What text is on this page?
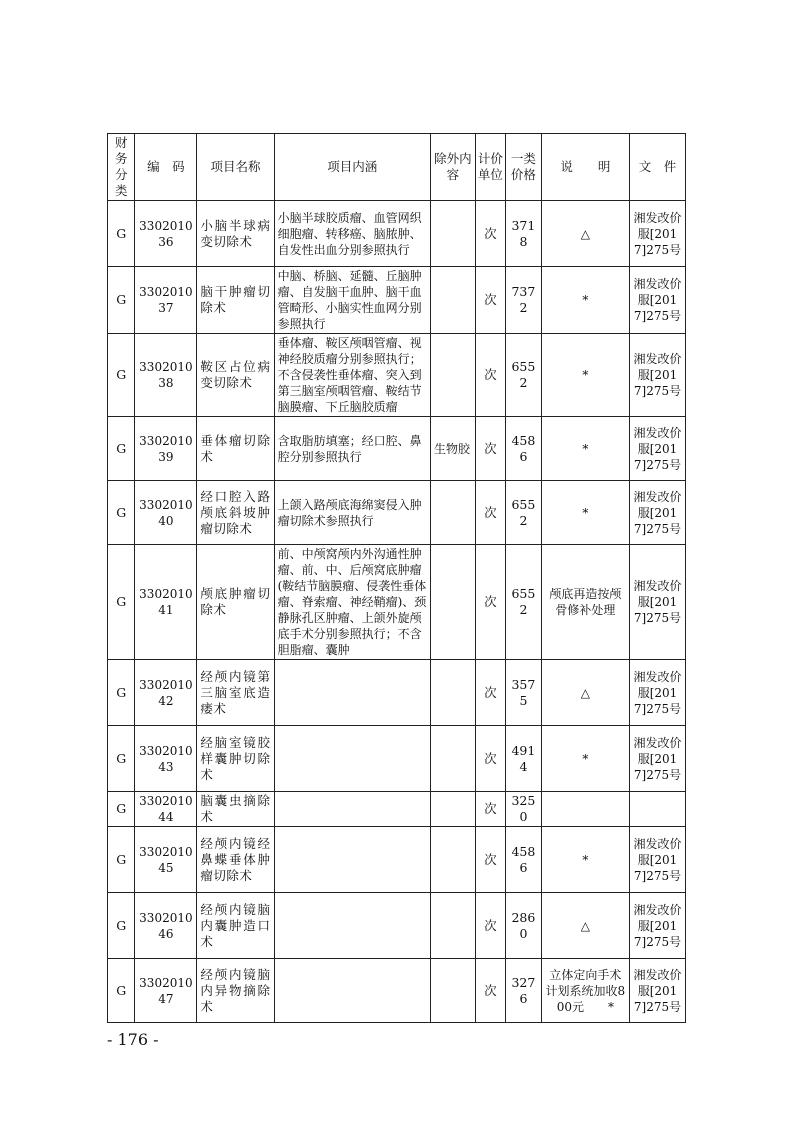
财务分类	编　码	项目名称	项目内涵	除外内容	计价单位	一类价格	说　　明	文　件
G	330201036	小脑半球病变切除术	小脑半球胶质瘤、血管网织细胞瘤、转移癌、脑脓肿、自发性出血分别参照执行		次	3718	△	湘发改价服[2017]275号
G	330201037	脑干肿瘤切除术	中脑、桥脑、延髓、丘脑肿瘤、自发脑干血肿、脑干血管畸形、小脑实性血网分别参照执行		次	7372	*	湘发改价服[2017]275号
G	330201038	鞍区占位病变切除术	垂体瘤、鞍区颅咽管瘤、视神经胶质瘤分别参照执行；不含侵袭性垂体瘤、突入到第三脑室颅咽管瘤、鞍结节脑膜瘤、下丘脑胶质瘤		次	6552	*	湘发改价服[2017]275号
G	330201039	垂体瘤切除术	含取脂肪填塞；经口腔、鼻腔分别参照执行	生物胶	次	4586	*	湘发改价服[2017]275号
G	330201040	经口腔入路颅底斜坡肿瘤切除术	上颌入路颅底海绵窦侵入肿瘤切除术参照执行		次	6552	*	湘发改价服[2017]275号
G	330201041	颅底肿瘤切除术	前、中颅窝颅内外沟通性肿瘤、前、中、后颅窝底肿瘤(鞍结节脑膜瘤、侵袭性垂体瘤、脊索瘤、神经鞘瘤)、颈静脉孔区肿瘤、上颌外旋颅底手术分别参照执行；不含胆脂瘤、囊肿		次	6552	颅底再造按颅骨修补处理	湘发改价服[2017]275号
G	330201042	经颅内镜第三脑室底造瘘术			次	3575	△	湘发改价服[2017]275号
G	330201043	经脑室镜胶样囊肿切除术			次	4914	*	湘发改价服[2017]275号
G	330201044	脑囊虫摘除术			次	3250		
G	330201045	经颅内镜经鼻蝶垂体肿瘤切除术			次	4586	*	湘发改价服[2017]275号
G	330201046	经颅内镜脑内囊肿造口术			次	2860	△	湘发改价服[2017]275号
G	330201047	经颅内镜脑内异物摘除术			次	3276	立体定向手术计划系统加收800元　　*	湘发改价服[2017]275号
- 176 -
